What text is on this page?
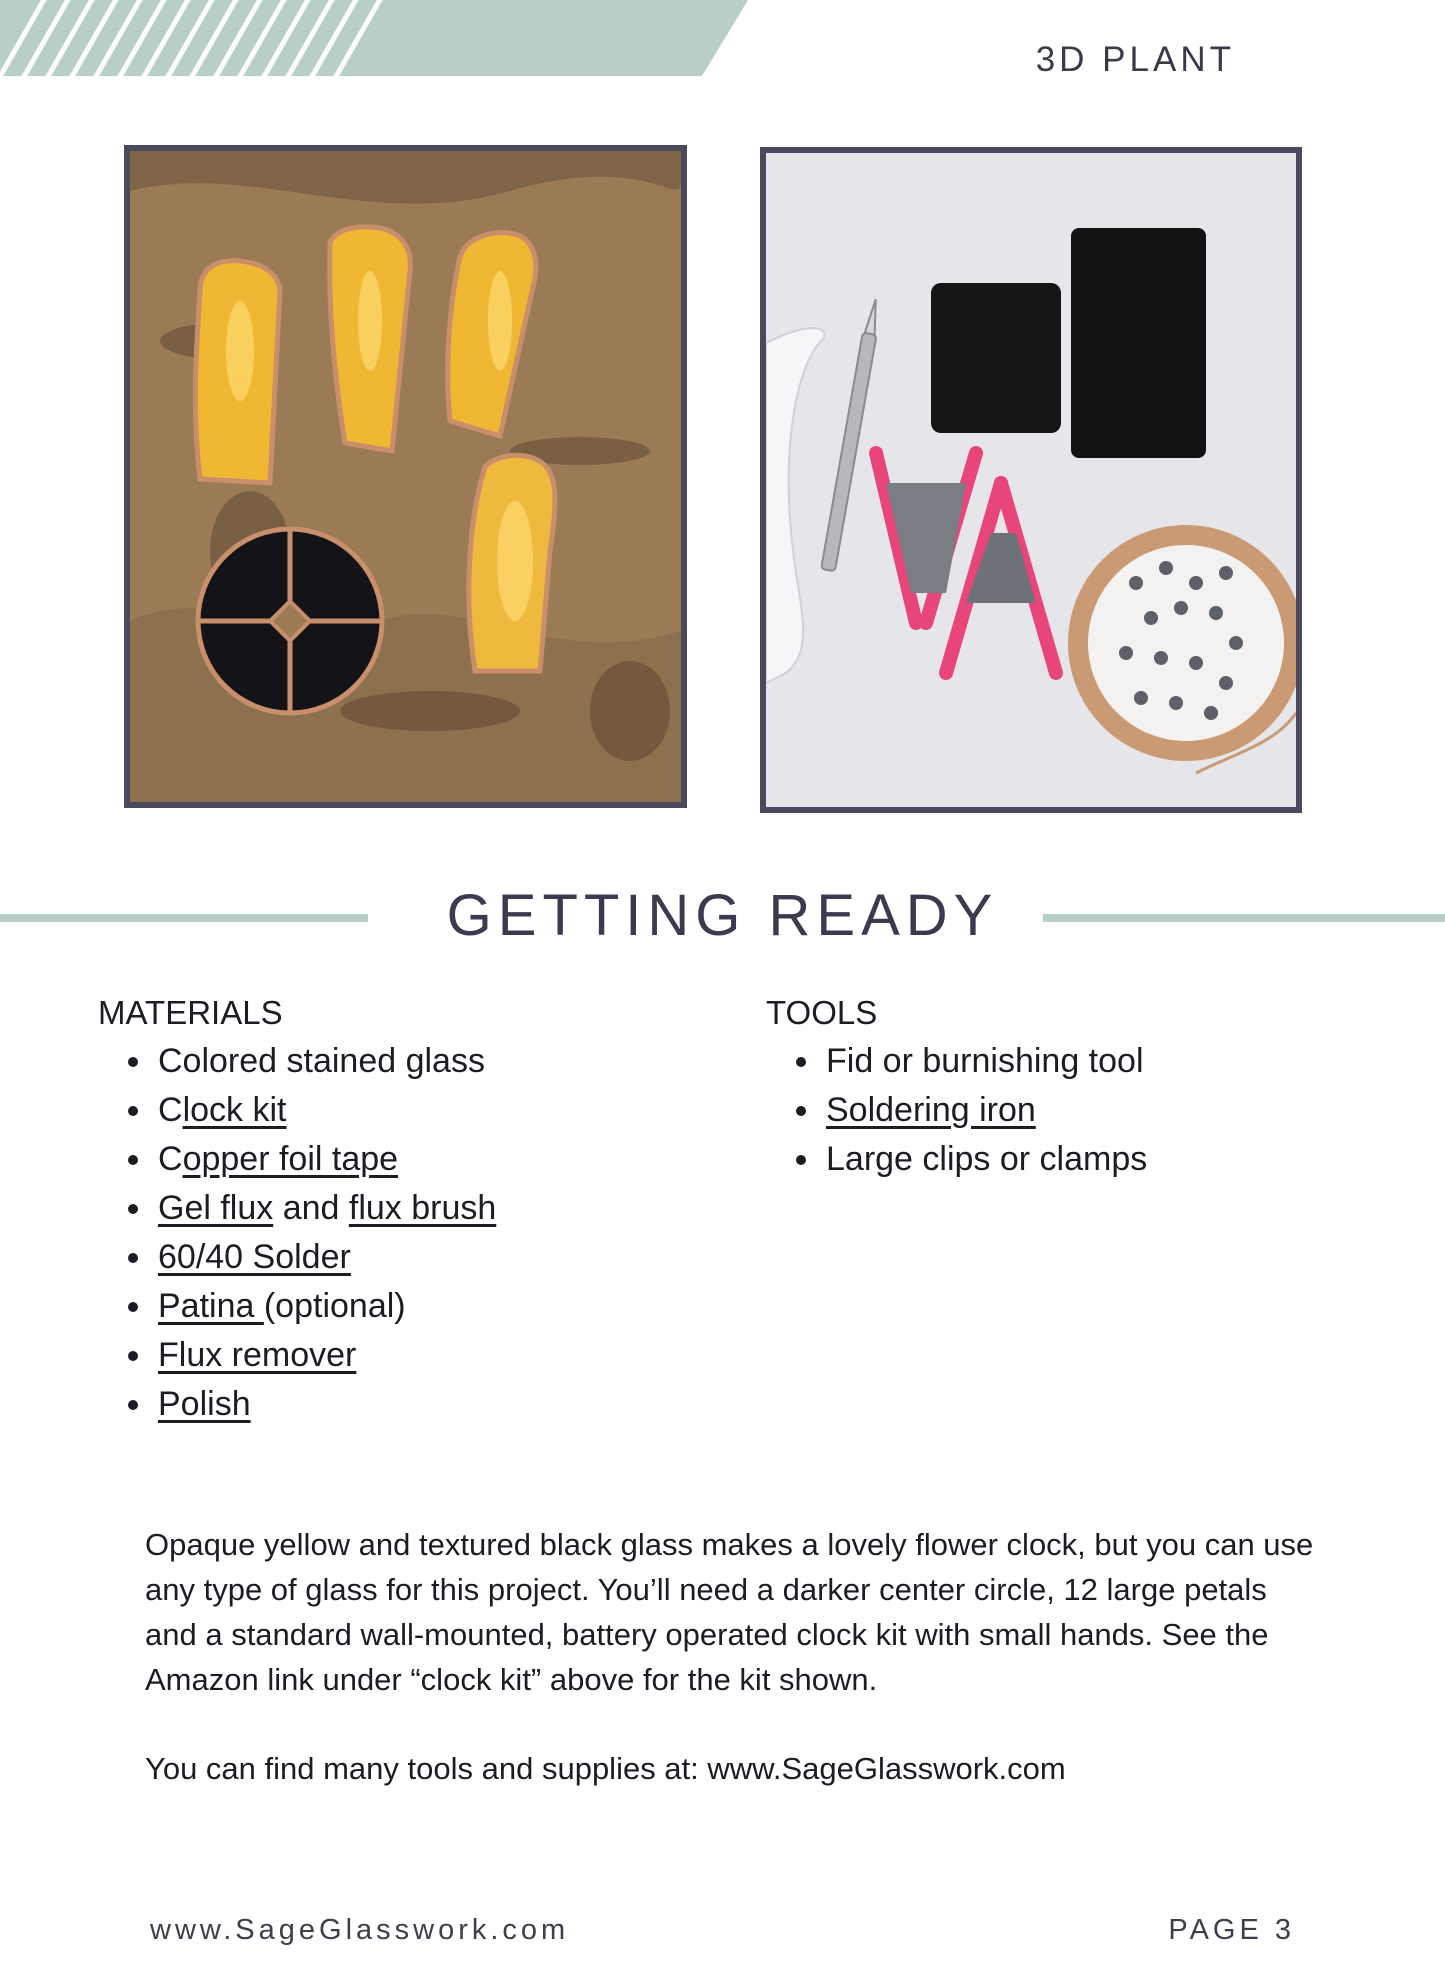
3D PLANT
GETTING READY
MATERIALS
Colored stained glass
Clock kit
Copper foil tape
Gel flux and flux brush
60/40 Solder
Patina (optional)
Flux remover
Polish
TOOLS
Fid or burnishing tool
Soldering iron
Large clips or clamps
Opaque yellow and textured black glass makes a lovely flower clock, but you can use any type of glass for this project. You’ll need a darker center circle, 12 large petals and a standard wall-mounted, battery operated clock kit with small hands. See the Amazon link under “clock kit” above for the kit shown.
You can find many tools and supplies at: www.SageGlasswork.com
www.SageGlasswork.com	PAGE 3
